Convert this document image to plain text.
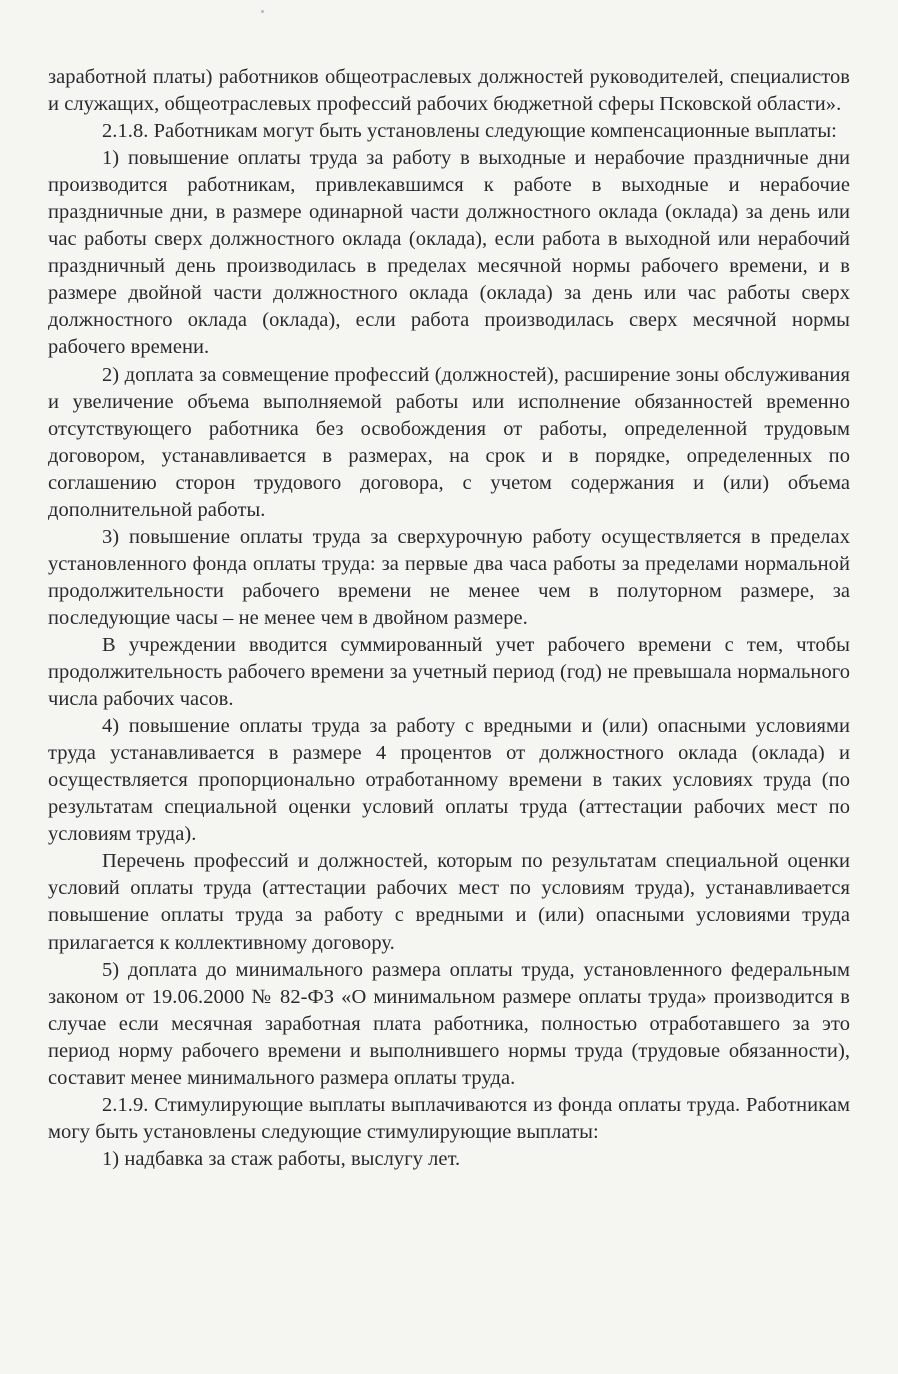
заработной платы) работников общеотраслевых должностей руководителей, специалистов и служащих, общеотраслевых профессий рабочих бюджетной сферы Псковской области».

2.1.8. Работникам могут быть установлены следующие компенсационные выплаты:

1) повышение оплаты труда за работу в выходные и нерабочие праздничные дни производится работникам, привлекавшимся к работе в выходные и нерабочие праздничные дни, в размере одинарной части должностного оклада (оклада) за день или час работы сверх должностного оклада (оклада), если работа в выходной или нерабочий праздничный день производилась в пределах месячной нормы рабочего времени, и в размере двойной части должностного оклада (оклада) за день или час работы сверх должностного оклада (оклада), если работа производилась сверх месячной нормы рабочего времени.

2) доплата за совмещение профессий (должностей), расширение зоны обслуживания и увеличение объема выполняемой работы или исполнение обязанностей временно отсутствующего работника без освобождения от работы, определенной трудовым договором, устанавливается в размерах, на срок и в порядке, определенных по соглашению сторон трудового договора, с учетом содержания и (или) объема дополнительной работы.

3) повышение оплаты труда за сверхурочную работу осуществляется в пределах установленного фонда оплаты труда: за первые два часа работы за пределами нормальной продолжительности рабочего времени не менее чем в полуторном размере, за последующие часы – не менее чем в двойном размере.

В учреждении вводится суммированный учет рабочего времени с тем, чтобы продолжительность рабочего времени за учетный период (год) не превышала нормального числа рабочих часов.

4) повышение оплаты труда за работу с вредными и (или) опасными условиями труда устанавливается в размере 4 процентов от должностного оклада (оклада) и осуществляется пропорционально отработанному времени в таких условиях труда (по результатам специальной оценки условий оплаты труда (аттестации рабочих мест по условиям труда).

Перечень профессий и должностей, которым по результатам специальной оценки условий оплаты труда (аттестации рабочих мест по условиям труда), устанавливается повышение оплаты труда за работу с вредными и (или) опасными условиями труда прилагается к коллективному договору.

5) доплата до минимального размера оплаты труда, установленного федеральным законом от 19.06.2000 № 82-ФЗ «О минимальном размере оплаты труда» производится в случае если месячная заработная плата работника, полностью отработавшего за это период норму рабочего времени и выполнившего нормы труда (трудовые обязанности), составит менее минимального размера оплаты труда.

2.1.9. Стимулирующие выплаты выплачиваются из фонда оплаты труда. Работникам могу быть установлены следующие стимулирующие выплаты:

1) надбавка за стаж работы, выслугу лет.
